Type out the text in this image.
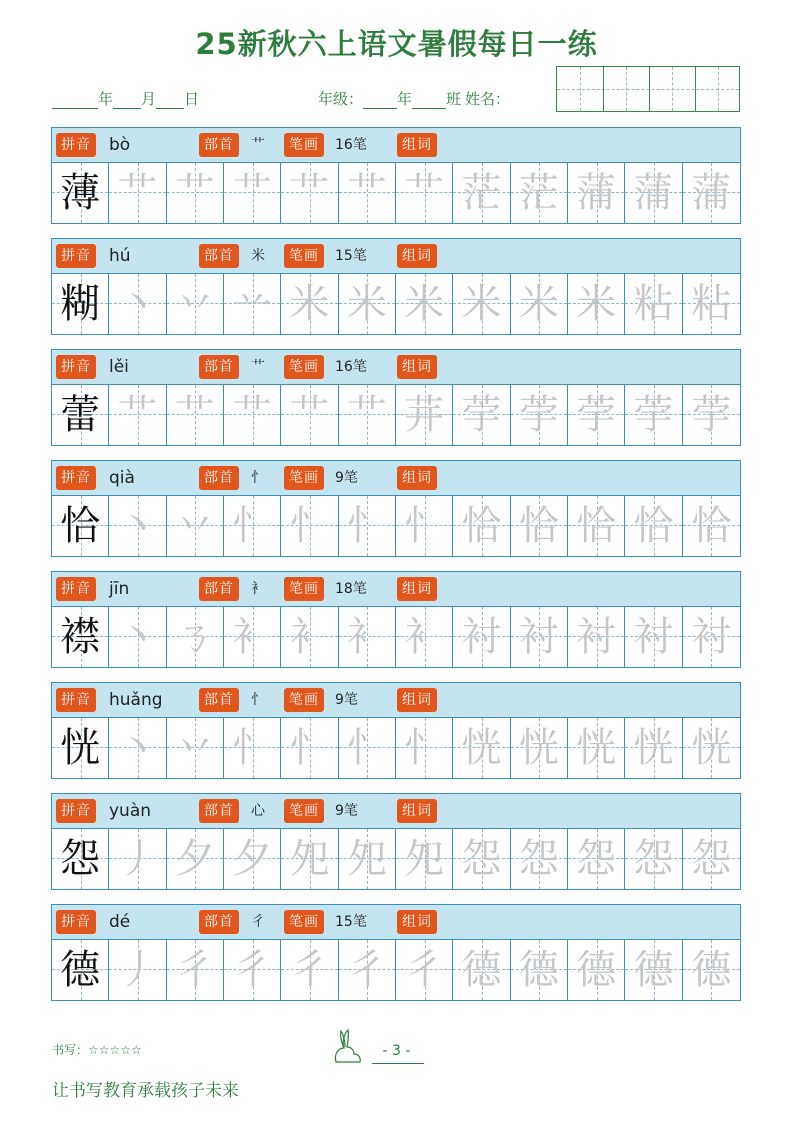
25新秋六上语文暑假每日一练
年 月 日	年级： 年 班 姓名：
拼音 bò	部首	艹	笔画	16笔	组词
薄 艹 艹 艹 艹 艹 艹 茫 茫 蒲 蒲 蒲
拼音 hú	部首	米	笔画	15笔	组词
糊 丶 丷 䒑 米 米 米 米 米 米 粘 粘
拼音 lěi	部首	艹	笔画	16笔	组词
蕾 艹 艹 艹 艹 艹 茾 荢 荢 荢 荢 荢
拼音 qià	部首	忄	笔画	9笔	组词
恰 丶 丷 忄 忄 忄 忄 恰 恰 恰 恰 恰
拼音 jīn	部首	衤	笔画	18笔	组词
襟 丶 ㄋ 衤 衤 衤 衤 衬 衬 衬 衬 衬
拼音 huǎng	部首	忄	笔画	9笔	组词
恍 丶 丷 忄 忄 忄 忄 恍 恍 恍 恍 恍
拼音 yuàn	部首	心	笔画	9笔	组词
怨 丿 夕 夕 夗 夗 夗 怨 怨 怨 怨 怨
拼音 dé	部首	彳	笔画	15笔	组词
德 丿 彳 彳 彳 彳 彳 德 德 德 德 德
书写：☆☆☆☆☆	- 3 -
让书写教育承载孩子未来
